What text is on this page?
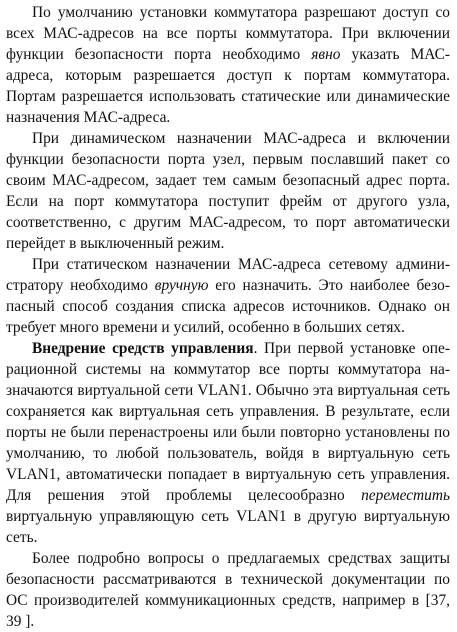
По умолчанию установки коммутатора разрешают доступ со всех МАС-адресов на все порты коммутатора. При включении функции безопасности порта необходимо явно указать МАС-адреса, которым разрешается доступ к портам коммутатора. Портам разрешается использовать статические или динамические назначения МАС-адреса.

При динамическом назначении МАС-адреса и включении функции безопасности порта узел, первым пославший пакет со своим МАС-адресом, задает тем самым безопасный адрес порта. Если на порт коммутатора поступит фрейм от другого узла, соответственно, с другим МАС-адресом, то порт автоматически перейдет в выключенный режим.

При статическом назначении МАС-адреса сетевому администратору необходимо вручную его назначить. Это наиболее безопасный способ создания списка адресов источников. Однако он требует много времени и усилий, особенно в больших сетях.

Внедрение средств управления. При первой установке операционной системы на коммутатор все порты коммутатора назначаются виртуальной сети VLAN1. Обычно эта виртуальная сеть сохраняется как виртуальная сеть управления. В результате, если порты не были перенастроены или были повторно установлены по умолчанию, то любой пользователь, войдя в виртуальную сеть VLAN1, автоматически попадает в виртуальную сеть управления. Для решения этой проблемы целесообразно переместить виртуальную управляющую сеть VLAN1 в другую виртуальную сеть.

Более подробно вопросы о предлагаемых средствах защиты безопасности рассматриваются в технической документации по ОС производителей коммуникационных средств, например в [37, 39 ].
